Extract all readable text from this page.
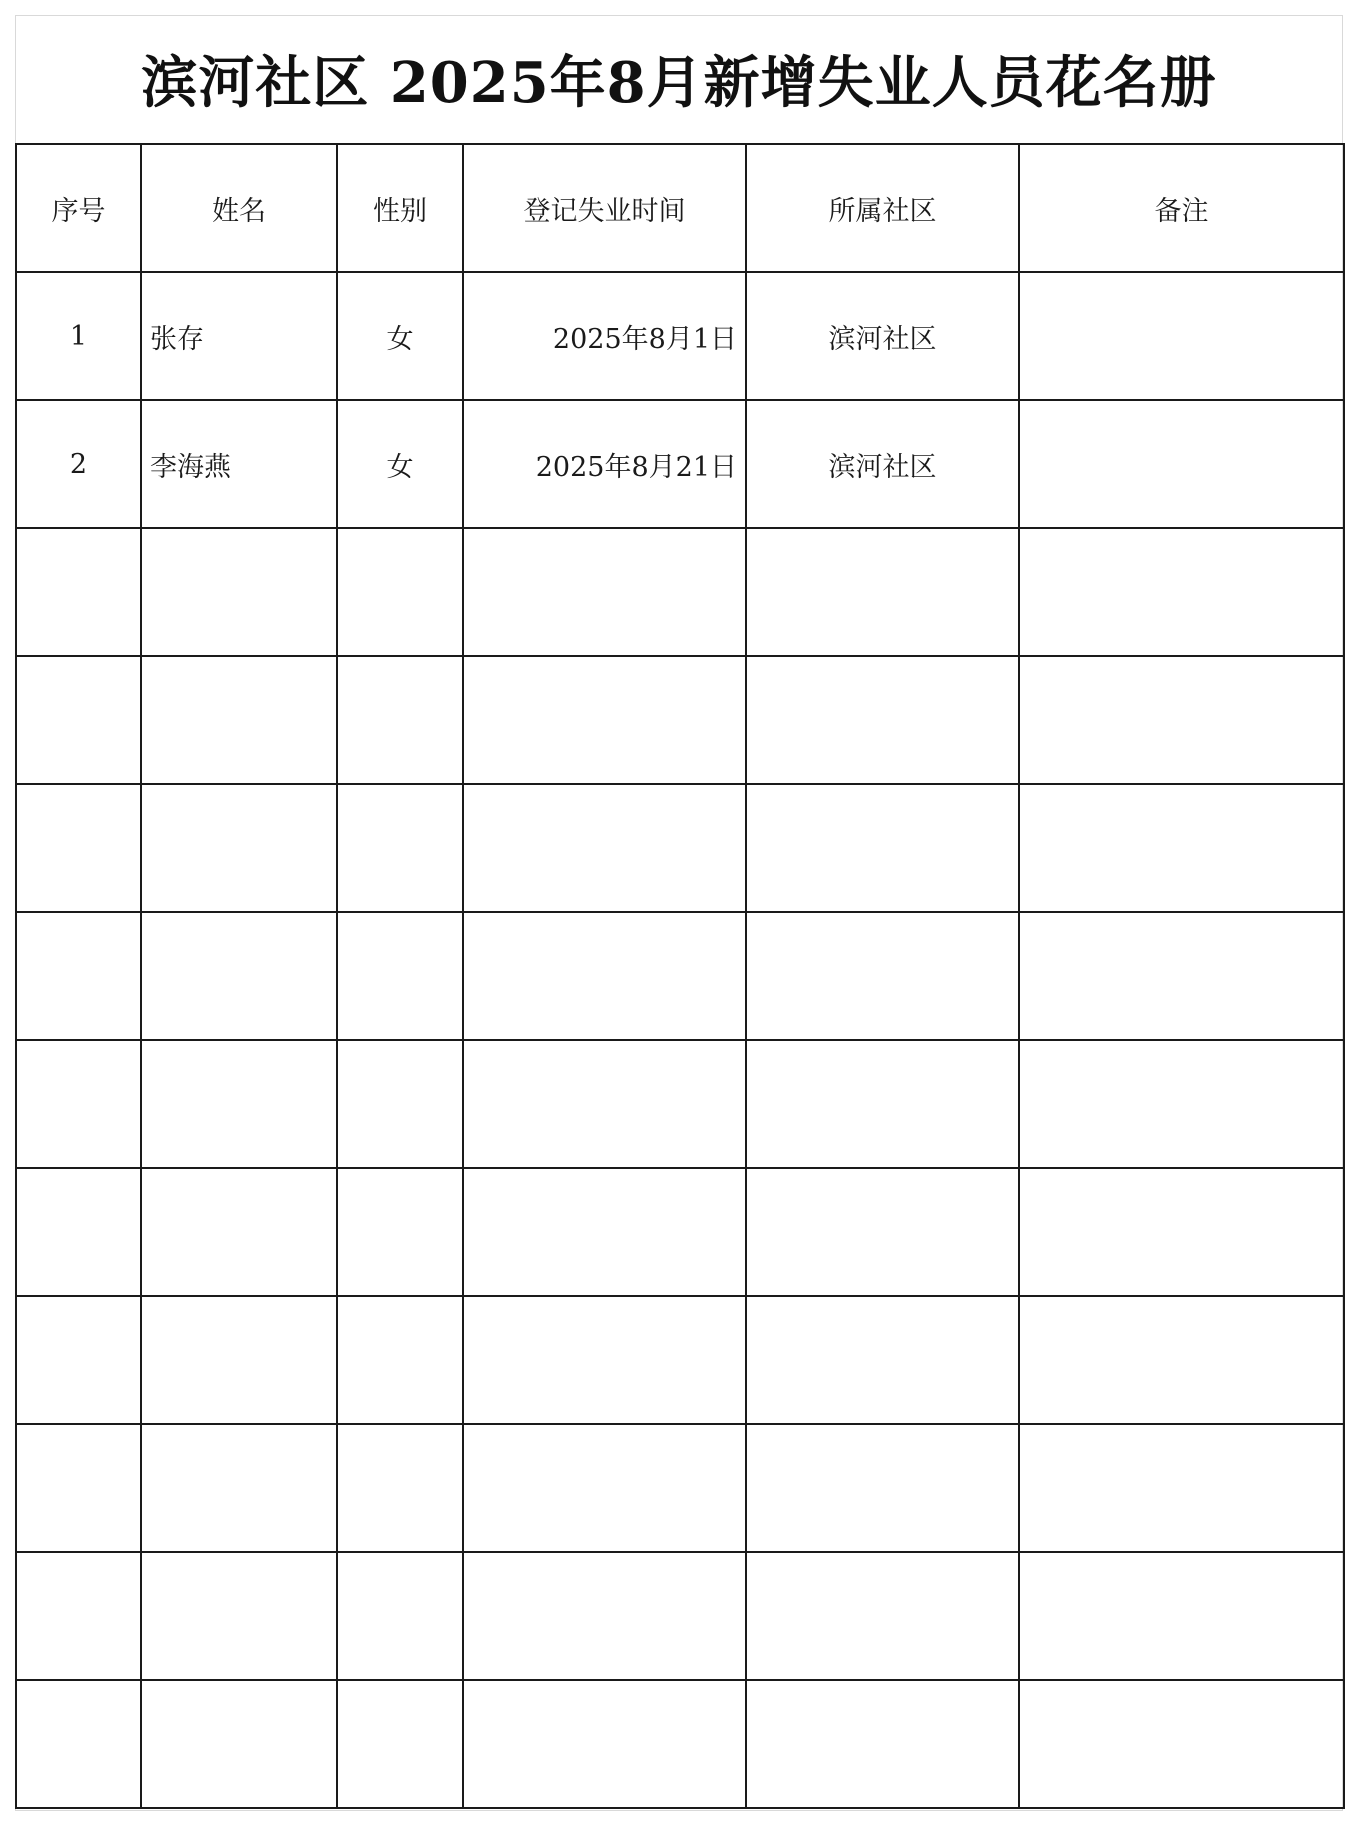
滨河社区 2025年8月新增失业人员花名册
序号	姓名	性别	登记失业时间	所属社区	备注
1	张存	女	2025年8月1日	滨河社区	
2	李海燕	女	2025年8月21日	滨河社区	
